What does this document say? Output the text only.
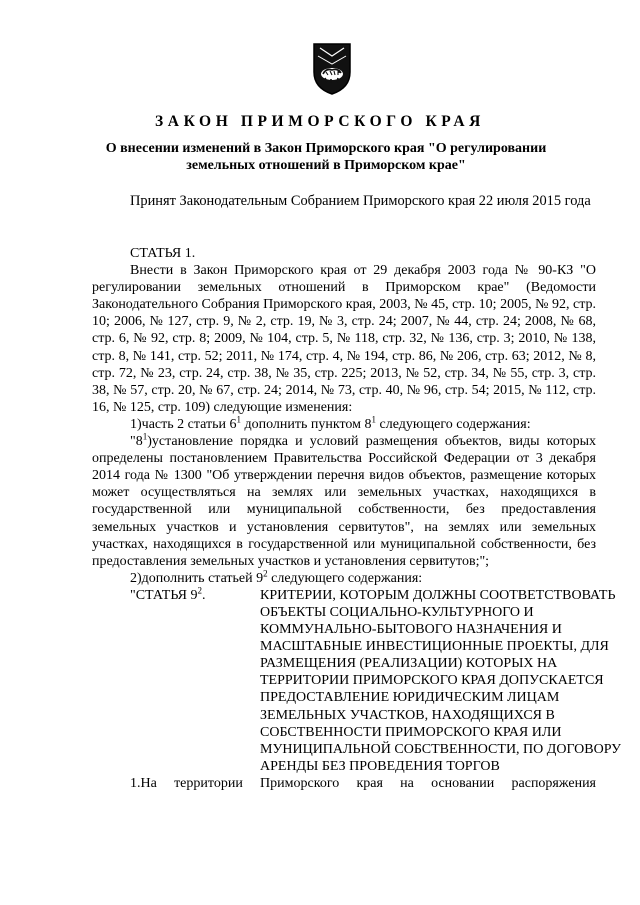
ЗАКОН ПРИМОРСКОГО КРАЯ

О внесении изменений в Закон Приморского края "О регулировании земельных отношений в Приморском крае"

Принят Законодательным Собранием Приморского края 22 июля 2015 года

СТАТЬЯ 1.

Внести в Закон Приморского края от 29 декабря 2003 года № 90-КЗ "О регулировании земельных отношений в Приморском крае" (Ведомости Законодательного Собрания Приморского края, 2003, № 45, стр. 10; 2005, № 92, стр. 10; 2006, № 127, стр. 9, № 2, стр. 19, № 3, стр. 24; 2007, № 44, стр. 24; 2008, № 68, стр. 6, № 92, стр. 8; 2009, № 104, стр. 5, № 118, стр. 32, № 136, стр. 3; 2010, № 138, стр. 8, № 141, стр. 52; 2011, № 174, стр. 4, № 194, стр. 86, № 206, стр. 63; 2012, № 8, стр. 72, № 23, стр. 24, стр. 38, № 35, стр. 225; 2013, № 52, стр. 34, № 55, стр. 3, стр. 38, № 57, стр. 20, № 67, стр. 24; 2014, № 73, стр. 40, № 96, стр. 54; 2015, № 112, стр. 16, № 125, стр. 109) следующие изменения:

1)часть 2 статьи $6^1$ дополнить пунктом $8^1$ следующего содержания:

"$8^1)установление$ порядка и условий размещения объектов, виды которых определены постановлением Правительства Российской Федерации от 3 декабря 2014 года № 1300 "Об утверждении перечня видов объектов, размещение которых может осуществляться на землях или земельных участках, находящихся в государственной или муниципальной собственности, без предоставления земельных участков и установления сервитутов", на землях или земельных участках, находящихся в государственной или муниципальной собственности, без предоставления земельных участков и установления сервитутов;";

2)дополнить статьей $9^2$ следующего содержания:

"СТАТЬЯ $9^2$.	КРИТЕРИИ, КОТОРЫМ ДОЛЖНЫ СООТВЕТСТВОВАТЬ ОБЪЕКТЫ СОЦИАЛЬНО-КУЛЬТУРНОГО И КОММУНАЛЬНО-БЫТОВОГО НАЗНАЧЕНИЯ И МАСШТАБНЫЕ ИНВЕСТИЦИОННЫЕ ПРОЕКТЫ, ДЛЯ РАЗМЕЩЕНИЯ (РЕАЛИЗАЦИИ) КОТОРЫХ НА ТЕРРИТОРИИ ПРИМОРСКОГО КРАЯ ДОПУСКАЕТСЯ ПРЕДОСТАВЛЕНИЕ ЮРИДИЧЕСКИМ ЛИЦАМ ЗЕМЕЛЬНЫХ УЧАСТКОВ, НАХОДЯЩИХСЯ В СОБСТВЕННОСТИ ПРИМОРСКОГО КРАЯ ИЛИ МУНИЦИПАЛЬНОЙ СОБСТВЕННОСТИ, ПО ДОГОВОРУ АРЕНДЫ БЕЗ ПРОВЕДЕНИЯ ТОРГОВ

1.На территории Приморского края на основании распоряжения
